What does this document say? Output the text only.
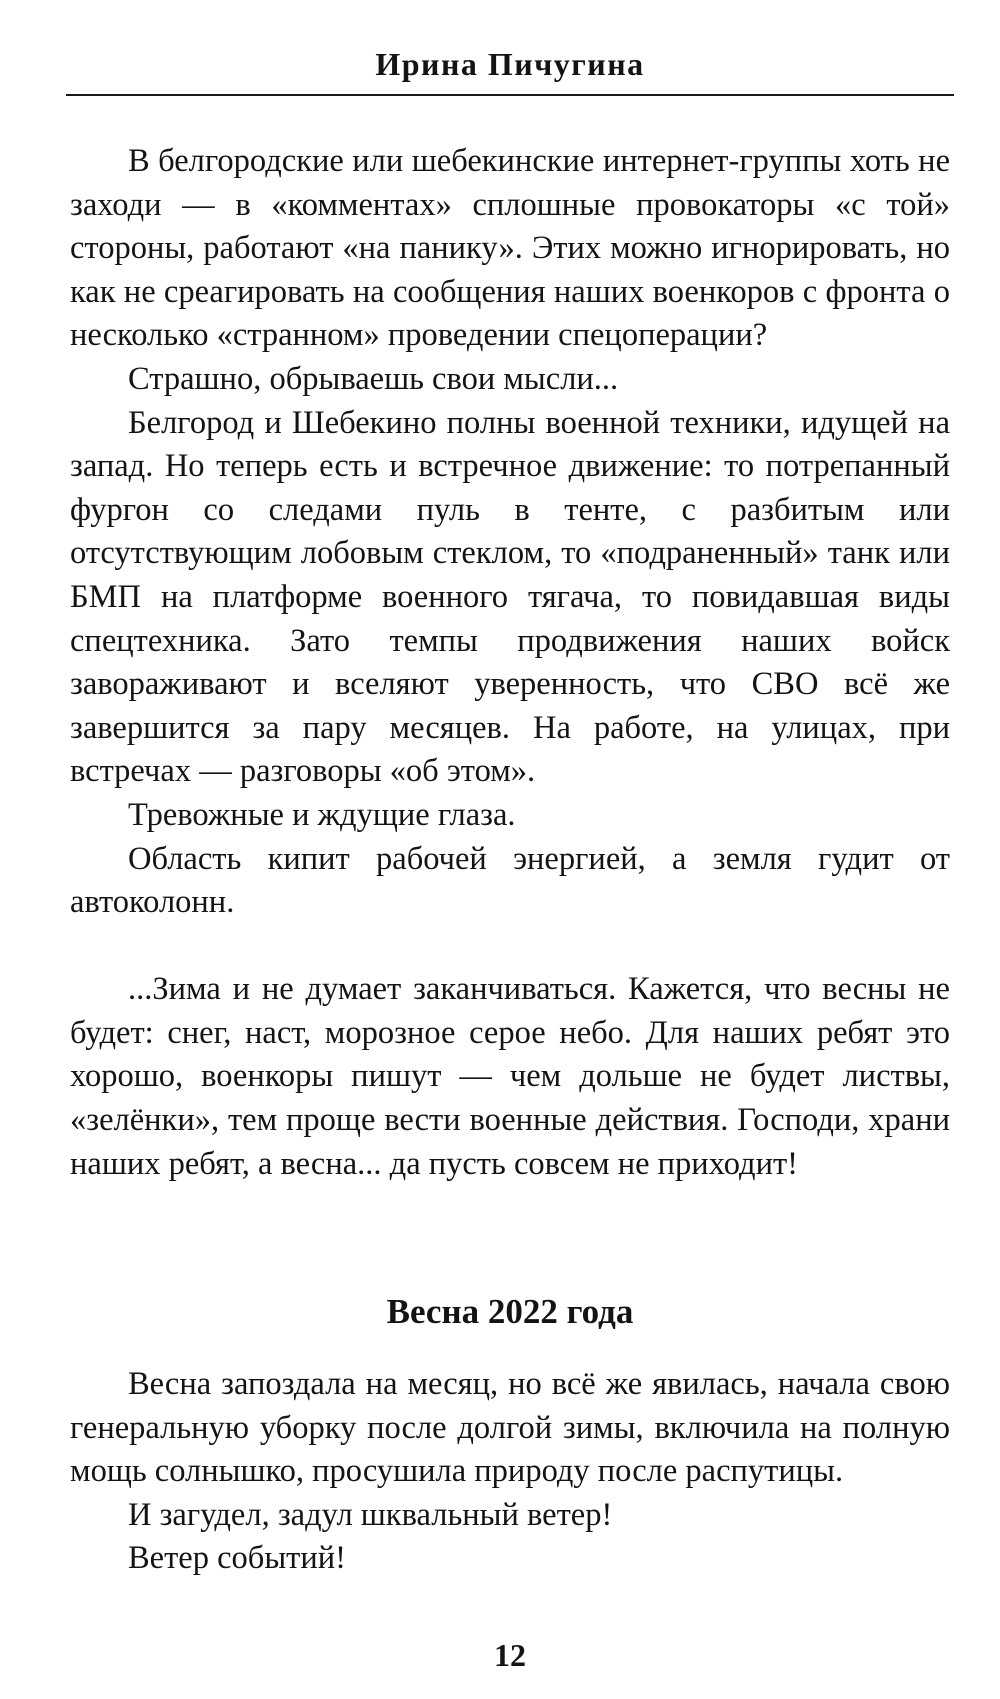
Ирина Пичугина

В белгородские или шебекинские интернет-группы хоть не заходи — в «комментах» сплошные провокаторы «с той» стороны, работают «на панику». Этих можно игнорировать, но как не среагировать на сообщения наших военкоров с фронта о несколько «странном» проведении спецоперации?

Страшно, обрываешь свои мысли...

Белгород и Шебекино полны военной техники, идущей на запад. Но теперь есть и встречное движение: то потрепанный фургон со следами пуль в тенте, с разбитым или отсутствующим лобовым стеклом, то «подраненный» танк или БМП на платформе военного тягача, то повидавшая виды спецтехника. Зато темпы продвижения наших войск завораживают и вселяют уверенность, что СВО всё же завершится за пару месяцев. На работе, на улицах, при встречах — разговоры «об этом».

Тревожные и ждущие глаза.

Область кипит рабочей энергией, а земля гудит от автоколонн.

...Зима и не думает заканчиваться. Кажется, что весны не будет: снег, наст, морозное серое небо. Для наших ребят это хорошо, военкоры пишут — чем дольше не будет листвы, «зелёнки», тем проще вести военные действия. Господи, храни наших ребят, а весна... да пусть совсем не приходит!

Весна 2022 года

Весна запоздала на месяц, но всё же явилась, начала свою генеральную уборку после долгой зимы, включила на полную мощь солнышко, просушила природу после распутицы.

И загудел, задул шквальный ветер!

Ветер событий!

12
